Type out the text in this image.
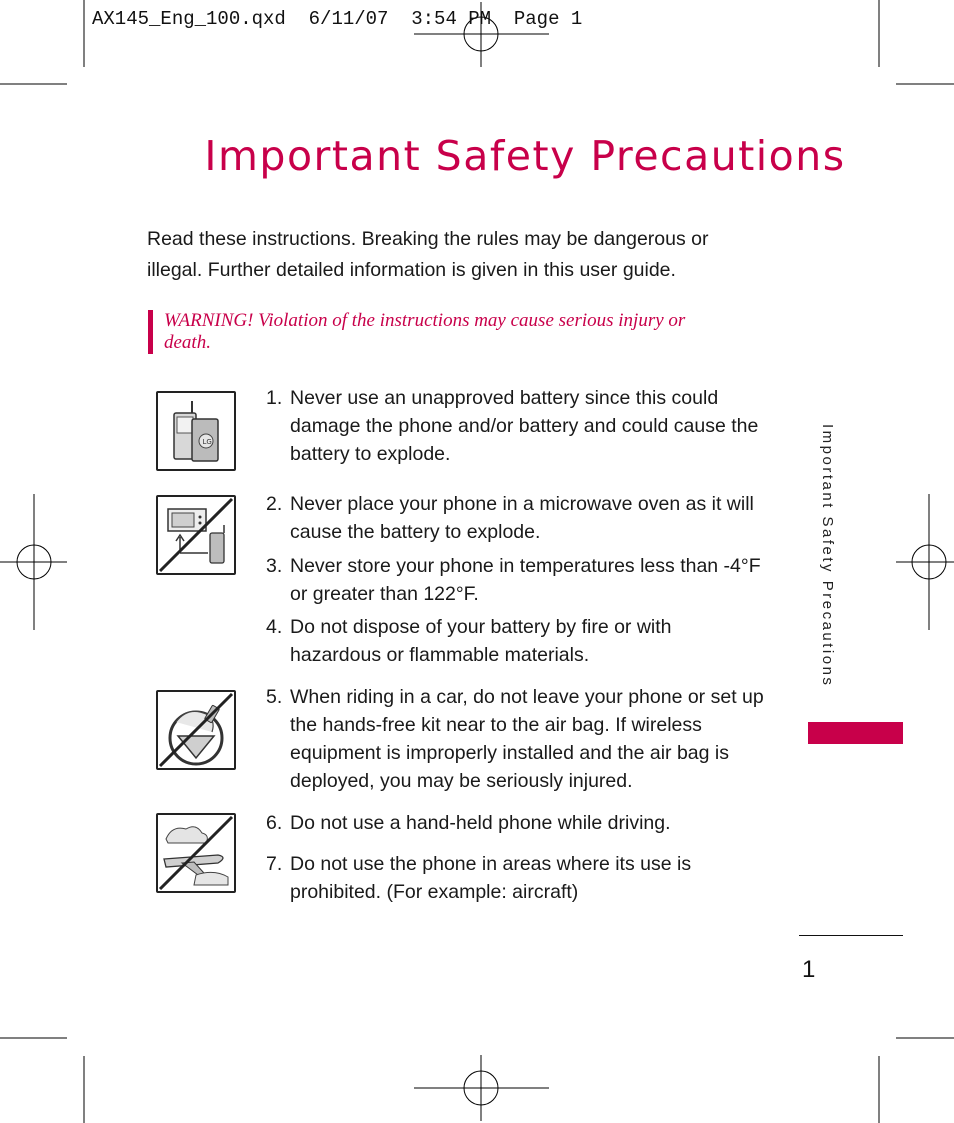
AX145_Eng_100.qxd  6/11/07  3:54 PM  Page 1
Important Safety Precautions
Read these instructions. Breaking the rules may be dangerous or
illegal. Further detailed information is given in this user guide.
WARNING! Violation of the instructions may cause serious injury or
death.
LG
1. Never use an unapproved battery since this could damage the phone and/or battery and could cause the battery to explode.
2. Never place your phone in a microwave oven as it will cause the battery to explode.
3. Never store your phone in temperatures less than -4°F or greater than 122°F.
4. Do not dispose of your battery by fire or with hazardous or flammable materials.
5. When riding in a car, do not leave your phone or set up the hands-free kit near to the air bag. If wireless equipment is improperly installed and the air bag is deployed, you may be seriously injured.
6. Do not use a hand-held phone while driving.
7. Do not use the phone in areas where its use is prohibited. (For example: aircraft)
Important Safety Precautions
1
